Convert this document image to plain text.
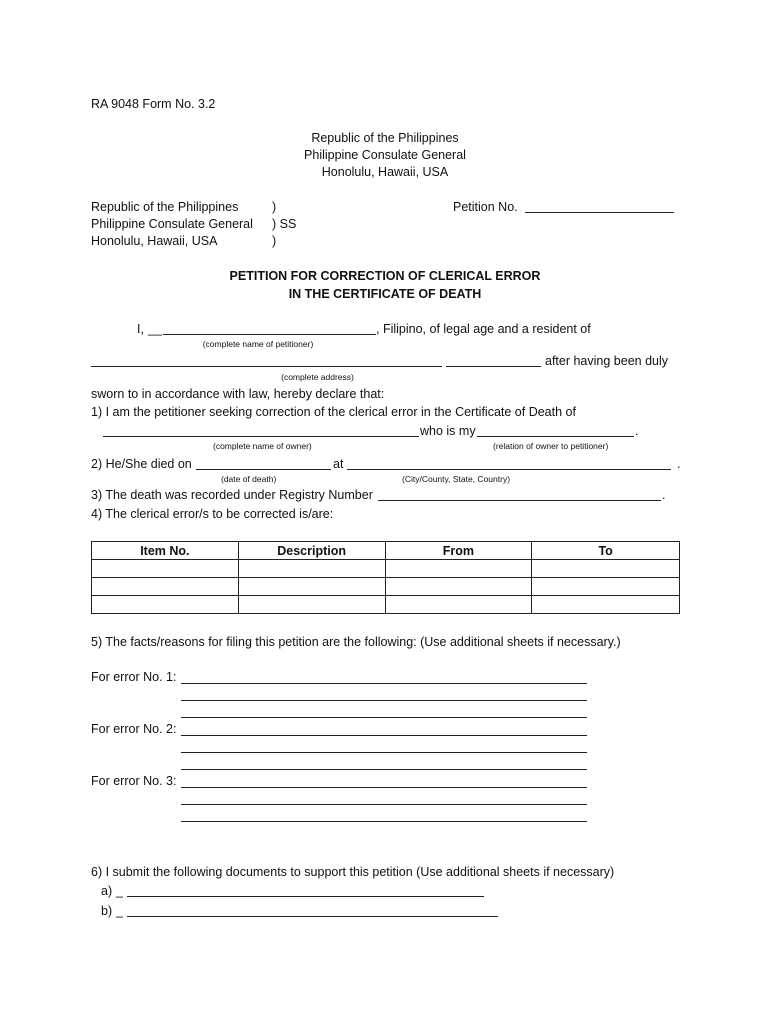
RA 9048 Form No. 3.2
Republic of the Philippines
Philippine Consulate General
Honolulu, Hawaii, USA
Republic of the Philippines	)
Philippine Consulate General ) SS
Honolulu, Hawaii, USA	)
Petition No.
PETITION FOR CORRECTION OF CLERICAL ERROR
IN THE CERTIFICATE OF DEATH
I, __	, Filipino, of legal age and a resident of
(complete name of petitioner)
after having been duly
(complete address)
sworn to in accordance with law, hereby declare that:
1) I am the petitioner seeking correction of the clerical error in the Certificate of Death of
who is my	.
(complete name of owner)	(relation of owner to petitioner)
2) He/She died on	at	.
(date of death)	(City/County, State, Country)
3) The death was recorded under Registry Number	.
4) The clerical error/s to be corrected is/are:
Item No.	Description	From	To

5) The facts/reasons for filing this petition are the following: (Use additional sheets if necessary.)
For error No. 1:
For error No. 2:
For error No. 3:
6) I submit the following documents to support this petition (Use additional sheets if necessary)
a) _
b) _
